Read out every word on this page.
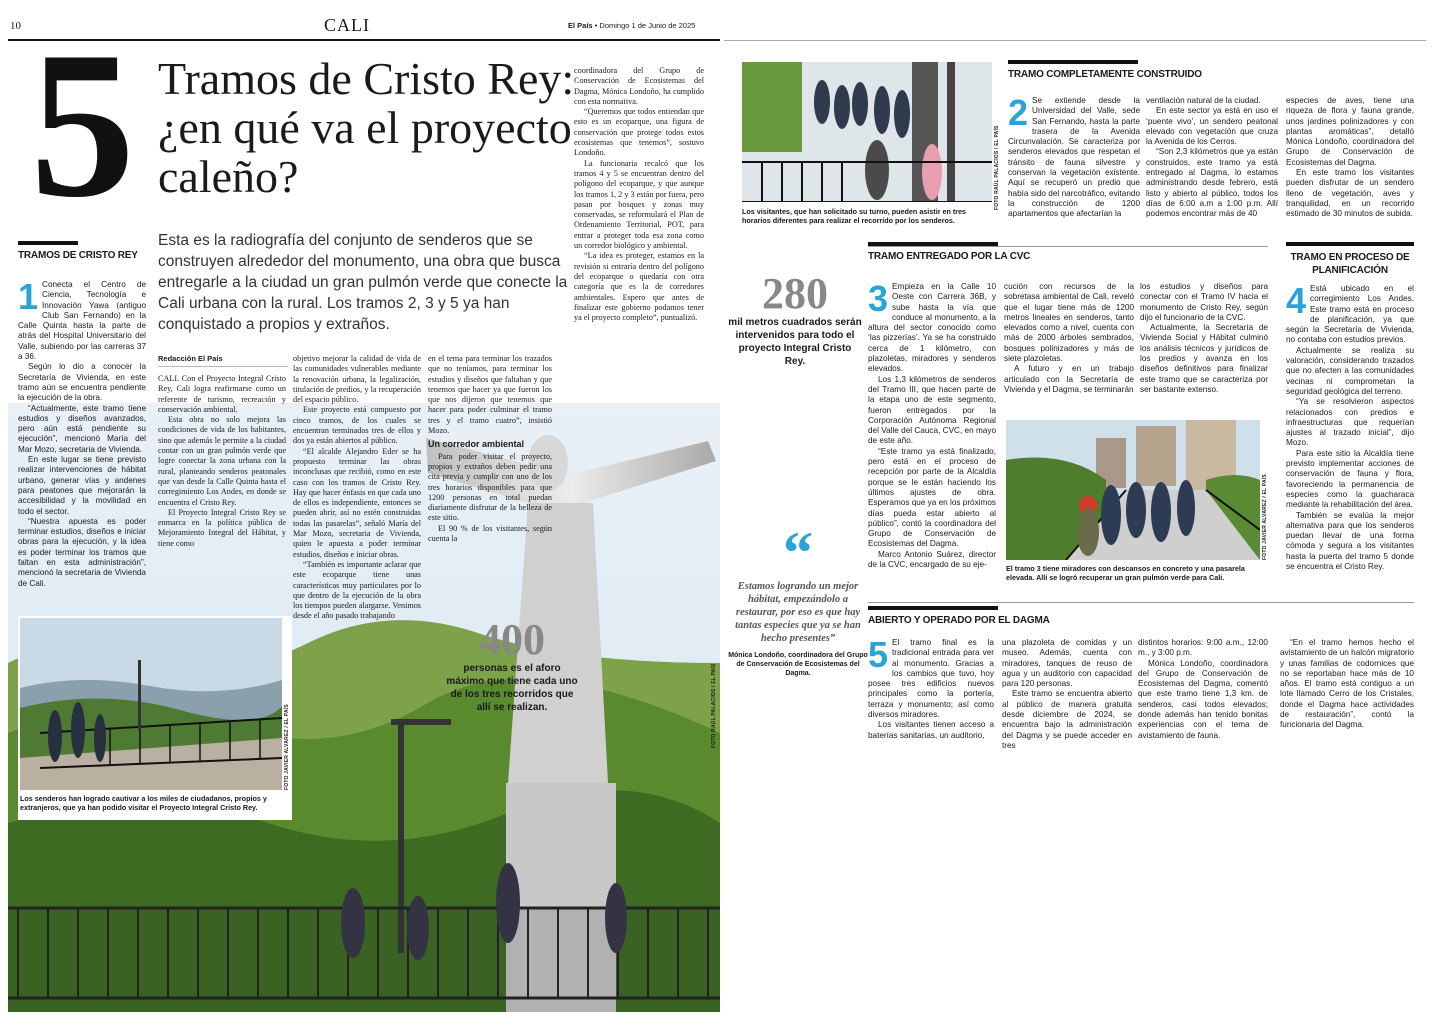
10	CALI	El País • Domingo 1 de Junio de 2025
FOTO RAÚL PALACIOS / EL PAÍS
5 Tramos de Cristo Rey: ¿en qué va el proyecto caleño?
Esta es la radiografía del conjunto de senderos que se construyen alrededor del monumento, una obra que busca entregarle a la ciudad un gran pulmón verde que conecte la Cali urbana con la rural. Los tramos 2, 3 y 5 ya han conquistado a propios y extraños.
TRAMOS DE CRISTO REY
1 Conecta el Centro de Ciencia, Tecnología e Innovación Yawa (antiguo Club San Fernando) en la Calle Quinta hasta la parte de atrás del Hospital Universitario del Valle, subiendo por las carreras 37 a 36.

Según lo dio a conocer la Secretaría de Vivienda, en este tramo aún se encuentra pendiente la ejecución de la obra.

“Actualmente, este tramo tiene estudios y diseños avanzados, pero aún está pendiente su ejecución”, mencionó María del Mar Mozo, secretaria de Vivienda.

En este lugar se tiene previsto realizar intervenciones de hábitat urbano, generar vías y andenes para peatones que mejorarán la accesibilidad y la movilidad en todo el sector.

“Nuestra apuesta es poder terminar estudios, diseños e iniciar obras para la ejecución, y la idea es poder terminar los tramos que faltan en esta administración”, mencionó la secretaria de Vivienda de Cali.

Redacción El País

CALI. Con el Proyecto Integral Cristo Rey, Cali logra reafirmarse como un referente de turismo, recreación y conservación ambiental.

Esta obra no solo mejora las condiciones de vida de los habitantes, sino que además le permite a la ciudad contar con un gran pulmón verde que logre conectar la zona urbana con la rural, planteando senderos peatonales que van desde la Calle Quinta hasta el corregimiento Los Andes, en donde se encuentra el Cristo Rey.

El Proyecto Integral Cristo Rey se enmarca en la política pública de Mejoramiento Integral del Hábitat, y tiene como

objetivo mejorar la calidad de vida de las comunidades vulnerables mediante la renovación urbana, la legalización, titulación de predios, y la recuperación del espacio público.

Este proyecto está compuesto por cinco tramos, de los cuales se encuentran terminados tres de ellos y dos ya están abiertos al público.

“El alcalde Alejandro Eder se ha propuesto terminar las obras inconclusas que recibió, como en este caso con los tramos de Cristo Rey. Hay que hacer énfasis en que cada uno de ellos es independiente, entonces se pueden abrir, así no estén construidas todas las pasarelas”, señaló María del Mar Mozo, secretaria de Vivienda, quien le apuesta a poder terminar estudios, diseños e iniciar obras.

“También es importante aclarar que este ecoparque tiene unas características muy particulares por lo que dentro de la ejecución de la obra los tiempos pueden alargarse. Venimos desde el año pasado trabajando

en el tema para terminar los trazados que no teníamos, para terminar los estudios y diseños que faltaban y que tenemos que hacer ya que fueron los que nos dijeron que tenemos que hacer para poder culminar el tramo tres y el tramo cuatro”, insistió Mozo.

Un corredor ambiental

Para poder visitar el proyecto, propios y extraños deben pedir una cita previa y cumplir con uno de los tres horarios disponibles para que 1200 personas en total puedan diariamente disfrutar de la belleza de este sitio.

El 90 % de los visitantes, según cuenta la

coordinadora del Grupo de Conservación de Ecosistemas del Dagma, Mónica Londoño, ha cumplido con esta normativa.

“Queremos que todos entiendan que esto es un ecoparque, una figura de conservación que protege todos estos ecosistemas que tenemos”, sostuvo Londoño.

La funcionaria recalcó que los tramos 4 y 5 se encuentran dentro del polígono del ecoparque, y que aunque los tramos 1, 2 y 3 están por fuera, pero pasan por bosques y zonas muy conservadas, se reformulará el Plan de Ordenamiento Territorial, POT, para entrar a proteger toda esa zona como un corredor biológico y ambiental.

“La idea es proteger, estamos en la revisión si entraría dentro del polígono del ecoparque o quedaría con otra categoría que es la de corredores ambientales. Espero que antes de finalizar este gobierno podamos tener ya el proyecto completo”, puntualizó.

400
personas es el aforo máximo que tiene cada uno de los tres recorridos que allí se realizan.
FOTO JAVIER ALVAREZ / EL PAÍS
Los senderos han logrado cautivar a los miles de ciudadanos, propios y extranjeros, que ya han podido visitar el Proyecto Integral Cristo Rey.
FOTO RAÚL PALACIOS / EL PAÍS
Los visitantes, que han solicitado su turno, pueden asistir en tres horarios diferentes para realizar el recorrido por los senderos.
TRAMO COMPLETAMENTE CONSTRUIDO
2 Se extiende desde la Universidad del Valle, sede San Fernando, hasta la parte trasera de la Avenida Circunvalación. Se caracteriza por senderos elevados que respetan el tránsito de fauna silvestre y conservan la vegetación existente. Aquí se recuperó un predio que había sido del narcotráfico, evitando la construcción de 1200 apartamentos que afectarían la

ventilación natural de la ciudad.

En este sector ya está en uso el ‘puente vivo’, un sendero peatonal elevado con vegetación que cruza la Avenida de los Cerros.

“Son 2,3 kilómetros que ya están construidos, este tramo ya está entregado al Dagma, lo estamos administrando desde febrero, está listo y abierto al público, todos los días de 6:00 a.m a 1:00 p.m. Allí podemos encontrar más de 40

especies de aves, tiene una riqueza de flora y fauna grande, unos jardines polinizadores y con plantas aromáticas”, detalló Mónica Londoño, coordinadora del Grupo de Conservación de Ecosistemas del Dagma.

En este tramo los visitantes pueden disfrutar de un sendero lleno de vegetación, aves y tranquilidad, en un recorrido estimado de 30 minutos de subida.

280
mil metros cuadrados serán intervenidos para todo el proyecto Integral Cristo Rey.
“
Estamos logrando un mejor hábitat, empezándolo a restaurar, por eso es que hay tantas especies que ya se han hecho presentes”
Mónica Londoño, coordinadora del Grupo de Conservación de Ecosistemas del Dagma.
TRAMO ENTREGADO POR LA CVC
3 Empieza en la Calle 10 Oeste con Carrera 36B, y sube hasta la vía que conduce al monumento, a la altura del sector conocido como ‘las pizzerías’. Ya se ha construido cerca de 1 kilómetro, con plazoletas, miradores y senderos elevados.

Los 1,3 kilómetros de senderos del Tramo III, que hacen parte de la etapa uno de este segmento, fueron entregados por la Corporación Autónoma Regional del Valle del Cauca, CVC, en mayo de este año.

“Este tramo ya está finalizado, pero está en el proceso de recepción por parte de la Alcaldía porque se le están haciendo los últimos ajustes de obra. Esperamos que ya en los próximos días pueda estar abierto al público”, contó la coordinadora del Grupo de Conservación de Ecosistemas del Dagma.

Marco Antonio Suárez, director de la CVC, encargado de su eje-

cución con recursos de la sobretasa ambiental de Cali, reveló que el lugar tiene más de 1200 metros lineales en senderos, tanto elevados como a nivel, cuenta con más de 2000 árboles sembrados, bosques polinizadores y más de siete plazoletas.

A futuro y en un trabajo articulado con la Secretaría de Vivienda y el Dagma, se terminarán

los estudios y diseños para conectar con el Tramo IV hacia el monumento de Cristo Rey, según dijo el funcionario de la CVC.

Actualmente, la Secretaría de Vivienda Social y Hábitat culminó los análisis técnicos y jurídicos de los predios y avanza en los diseños definitivos para finalizar este tramo que se caracteriza por ser bastante extenso.

FOTO JAVIER ALVAREZ / EL PAÍS
El tramo 3 tiene miradores con descansos en concreto y una pasarela elevada. Allí se logró recuperar un gran pulmón verde para Cali.
TRAMO EN PROCESO DE PLANIFICACIÓN
4 Está ubicado en el corregimiento Los Andes. Este tramo está en proceso de planificación, ya que según la Secretaría de Vivienda, no contaba con estudios previos.

Actualmente se realiza su valoración, considerando trazados que no afecten a las comunidades vecinas ni comprometan la seguridad geológica del terreno.

“Ya se resolvieron aspectos relacionados con predios e infraestructuras que requerían ajustes al trazado inicial”, dijo Mozo.

Para este sitio la Alcaldía tiene previsto implementar acciones de conservación de fauna y flora, favoreciendo la permanencia de especies como la guacharaca mediante la rehabilitación del área.

También se evalúa la mejor alternativa para que los senderos puedan llevar de una forma cómoda y segura a los visitantes hasta la puerta del tramo 5 donde se encuentra el Cristo Rey.

ABIERTO Y OPERADO POR EL DAGMA
5 El tramo final es la tradicional entrada para ver al monumento. Gracias a los cambios que tuvo, hoy posee tres edificios nuevos principales como la portería, terraza y monumento; así como diversos miradores.

Los visitantes tienen acceso a baterías sanitarias, un auditorio,

una plazoleta de comidas y un museo. Además, cuenta con miradores, tanques de reuso de agua y un auditorio con capacidad para 120 personas.

Este tramo se encuentra abierto al público de manera gratuita desde diciembre de 2024, se encuentra bajo la administración del Dagma y se puede acceder en tres

distintos horarios: 9:00 a.m., 12:00 m., y 3:00 p.m.

Mónica Londoño, coordinadora del Grupo de Conservación de Ecosistemas del Dagma, comentó que este tramo tiene 1,3 km. de senderos, casi todos elevados; donde además han tenido bonitas experiencias con el tema de avistamiento de fauna.

“En el tramo hemos hecho el avistamiento de un halcón migratorio y unas familias de codornices que no se reportaban hace más de 10 años. El tramo está contiguo a un lote llamado Cerro de los Cristales, donde el Dagma hace actividades de restauración”, contó la funcionaria del Dagma.
